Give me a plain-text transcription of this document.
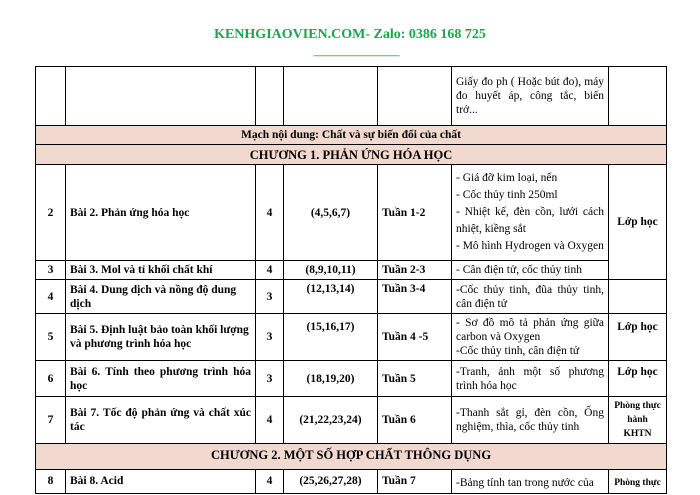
KENHGIAOVIEN.COM- Zalo: 0386 168 725
-------------------------------------------
					Giấy đo ph ( Hoặc bút đo), máy đo huyết áp, công tắc, biến trở...	
Mạch nội dung: Chất và sự biến đổi của chất						
CHƯƠNG 1. PHẢN ỨNG HÓA HỌC						
2	Bài 2. Phản ứng hóa học	4	(4,5,6,7)	Tuần 1-2	- Giá đỡ kim loại, nến

- Cốc thủy tinh 250ml

- Nhiệt kế, đèn cồn, lưới cách nhiệt, kiềng sắt

- Mô hình Hydrogen và Oxygen	Lớp học
3	Bài 3. Mol và tỉ khối chất khí	4	(8,9,10,11)	Tuần 2-3	- Cân điện tử, cốc thủy tinh	

4	Bài 4. Dung dịch và nồng độ dung dịch	3	(12,13,14)	Tuần 3-4	-Cốc thủy tinh, đũa thủy tinh, cân điện tử	

5	Bài 5. Định luật bảo toàn khối lượng và phương trình hóa học	3	(15,16,17)	Tuần 4 -5	- Sơ đồ mô tả phản ứng giữa carbon và Oxygen

-Cốc thủy tinh, cân điện tử	Lớp học
6	Bài 6. Tính theo phương trình hóa học	3	(18,19,20)	Tuần 5	-Tranh, ảnh một số phương trình hóa học	Lớp học
7	Bài 7. Tốc độ phản ứng và chất xúc tác	4	(21,22,23,24)	Tuần 6	-Thanh sắt gỉ, đèn cồn, Ống nghiệm, thìa, cốc thủy tinh	Phòng thực hành KHTN
CHƯƠNG 2. MỘT SỐ HỢP CHẤT THÔNG DỤNG						
8	Bài 8. Acid	4	(25,26,27,28)	Tuần 7	-Bảng tính tan trong nước của	Phòng thực
